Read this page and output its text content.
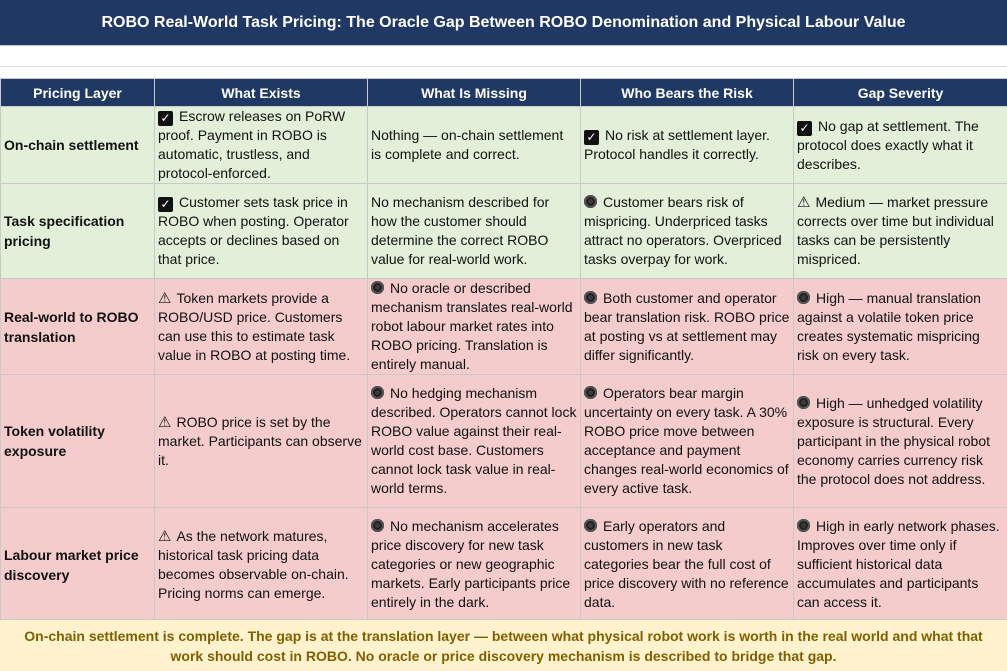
ROBO Real-World Task Pricing: The Oracle Gap Between ROBO Denomination and Physical Labour Value
Pricing Layer	What Exists	What Is Missing	Who Bears the Risk	Gap Severity
On-chain settlement	✓ Escrow releases on PoRW proof. Payment in ROBO is automatic, trustless, and protocol-enforced.	Nothing — on-chain settlement is complete and correct.	✓ No risk at settlement layer. Protocol handles it correctly.	✓ No gap at settlement. The protocol does exactly what it describes.
Task specification pricing	✓ Customer sets task price in ROBO when posting. Operator accepts or declines based on that price.	No mechanism described for how the customer should determine the correct ROBO value for real-world work.	Customer bears risk of mispricing. Underpriced tasks attract no operators. Overpriced tasks overpay for work.	⚠ Medium — market pressure corrects over time but individual tasks can be persistently mispriced.
Real-world to ROBO translation	⚠ Token markets provide a ROBO/USD price. Customers can use this to estimate task value in ROBO at posting time.	No oracle or described mechanism translates real-world robot labour market rates into ROBO pricing. Translation is entirely manual.	Both customer and operator bear translation risk. ROBO price at posting vs at settlement may differ significantly.	High — manual translation against a volatile token price creates systematic mispricing risk on every task.
Token volatility exposure	⚠ ROBO price is set by the market. Participants can observe it.	No hedging mechanism described. Operators cannot lock ROBO value against their real-world cost base. Customers cannot lock task value in real-world terms.	Operators bear margin uncertainty on every task. A 30% ROBO price move between acceptance and payment changes real-world economics of every active task.	High — unhedged volatility exposure is structural. Every participant in the physical robot economy carries currency risk the protocol does not address.
Labour market price discovery	⚠ As the network matures, historical task pricing data becomes observable on-chain. Pricing norms can emerge.	No mechanism accelerates price discovery for new task categories or new geographic markets. Early participants price entirely in the dark.	Early operators and customers in new task categories bear the full cost of price discovery with no reference data.	High in early network phases. Improves over time only if sufficient historical data accumulates and participants can access it.
On-chain settlement is complete. The gap is at the translation layer — between what physical robot work is worth in the real world and what that work should cost in ROBO. No oracle or price discovery mechanism is described to bridge that gap.
